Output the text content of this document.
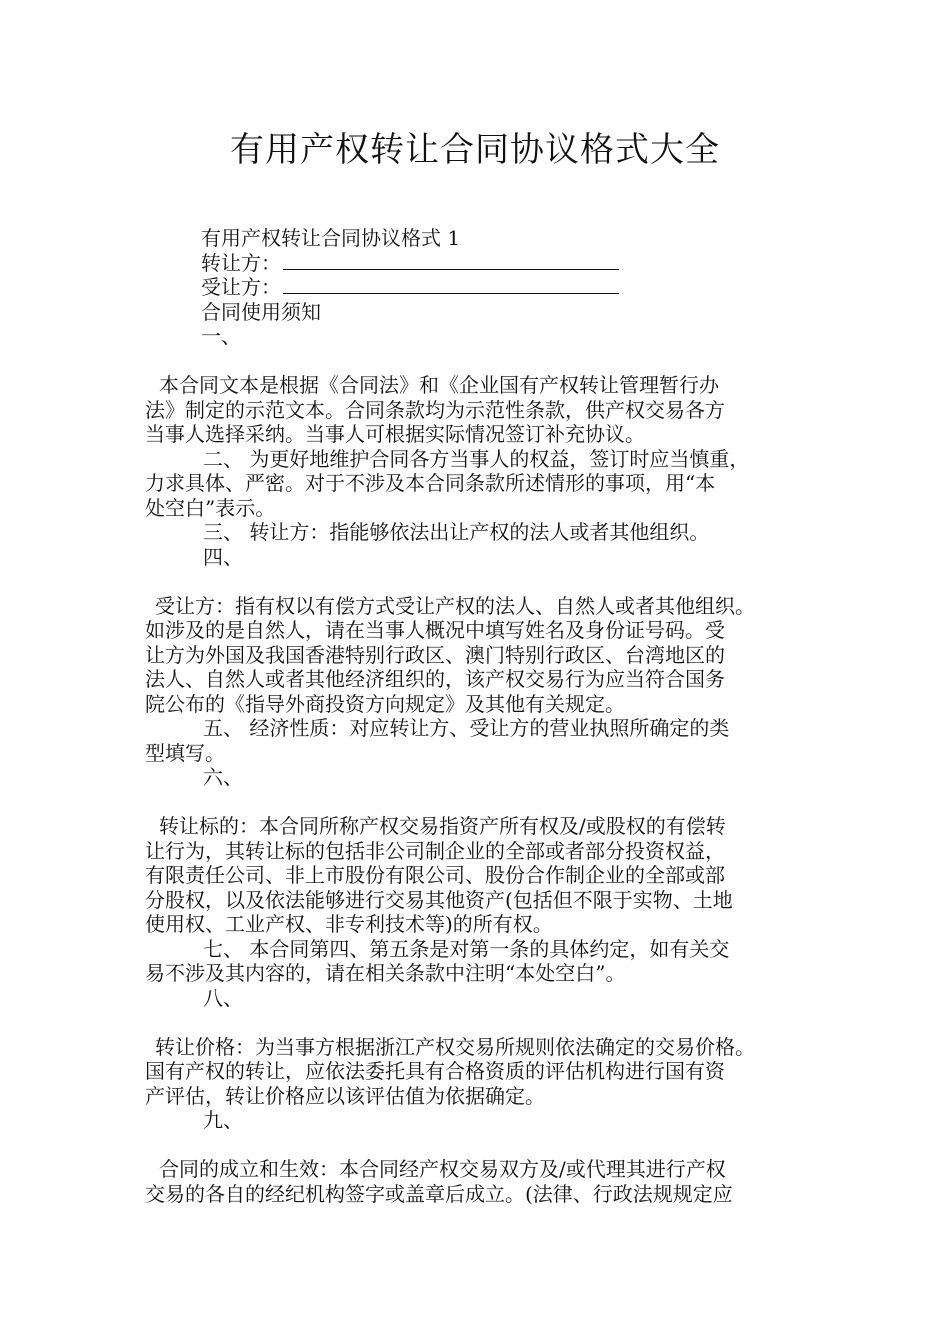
有用产权转让合同协议格式大全
有用产权转让合同协议格式 1
转让方：
受让方：
合同使用须知
一、
本合同文本是根据《合同法》和《企业国有产权转让管理暂行办
法》制定的示范文本。合同条款均为示范性条款，供产权交易各方
当事人选择采纳。当事人可根据实际情况签订补充协议。
二、 为更好地维护合同各方当事人的权益，签订时应当慎重，
力求具体、严密。对于不涉及本合同条款所述情形的事项，用“本
处空白”表示。
三、 转让方：指能够依法出让产权的法人或者其他组织。
四、
受让方：指有权以有偿方式受让产权的法人、自然人或者其他组织。
如涉及的是自然人，请在当事人概况中填写姓名及身份证号码。受
让方为外国及我国香港特别行政区、澳门特别行政区、台湾地区的
法人、自然人或者其他经济组织的，该产权交易行为应当符合国务
院公布的《指导外商投资方向规定》及其他有关规定。
五、 经济性质：对应转让方、受让方的营业执照所确定的类
型填写。
六、
转让标的：本合同所称产权交易指资产所有权及/或股权的有偿转
让行为，其转让标的包括非公司制企业的全部或者部分投资权益，
有限责任公司、非上市股份有限公司、股份合作制企业的全部或部
分股权，以及依法能够进行交易其他资产(包括但不限于实物、土地
使用权、工业产权、非专利技术等)的所有权。
七、 本合同第四、第五条是对第一条的具体约定，如有关交
易不涉及其内容的，请在相关条款中注明“本处空白”。
八、
转让价格：为当事方根据浙江产权交易所规则依法确定的交易价格。
国有产权的转让，应依法委托具有合格资质的评估机构进行国有资
产评估，转让价格应以该评估值为依据确定。
九、
合同的成立和生效：本合同经产权交易双方及/或代理其进行产权
交易的各自的经纪机构签字或盖章后成立。(法律、行政法规规定应
